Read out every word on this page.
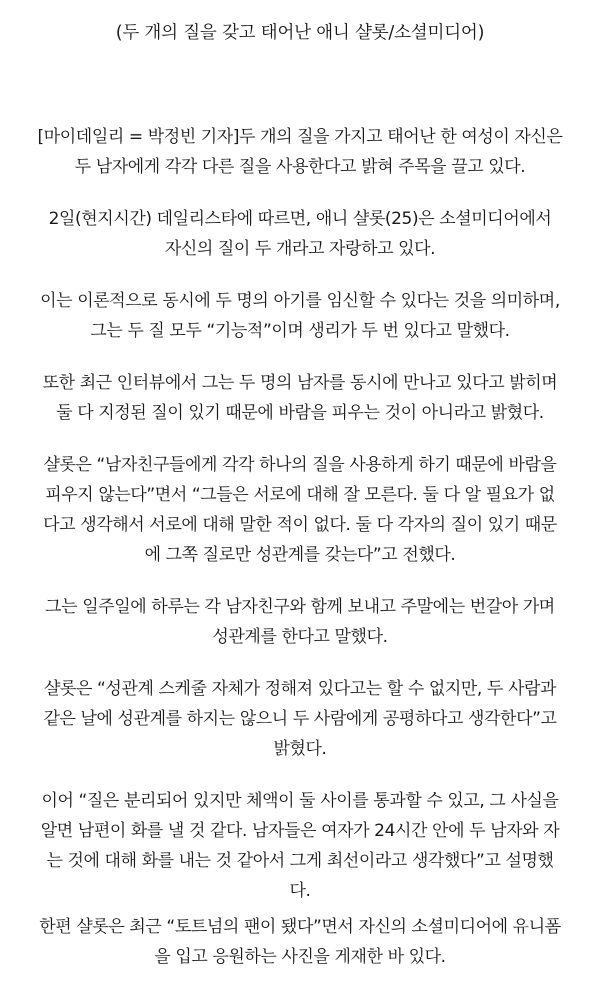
(두 개의 질을 갖고 태어난 애니 샬롯/소셜미디어)
[마이데일리 = 박정빈 기자]두 개의 질을 가지고 태어난 한 여성이 자신은
두 남자에게 각각 다른 질을 사용한다고 밝혀 주목을 끌고 있다.
2일(현지시간) 데일리스타에 따르면, 애니 샬롯(25)은 소셜미디어에서
자신의 질이 두 개라고 자랑하고 있다.
이는 이론적으로 동시에 두 명의 아기를 임신할 수 있다는 것을 의미하며,
그는 두 질 모두 “기능적”이며 생리가 두 번 있다고 말했다.
또한 최근 인터뷰에서 그는 두 명의 남자를 동시에 만나고 있다고 밝히며
둘 다 지정된 질이 있기 때문에 바람을 피우는 것이 아니라고 밝혔다.
샬롯은 “남자친구들에게 각각 하나의 질을 사용하게 하기 때문에 바람을
피우지 않는다”면서 “그들은 서로에 대해 잘 모른다. 둘 다 알 필요가 없
다고 생각해서 서로에 대해 말한 적이 없다. 둘 다 각자의 질이 있기 때문
에 그쪽 질로만 성관계를 갖는다”고 전했다.
그는 일주일에 하루는 각 남자친구와 함께 보내고 주말에는 번갈아 가며
성관계를 한다고 말했다.
샬롯은 “성관계 스케줄 자체가 정해져 있다고는 할 수 없지만, 두 사람과
같은 날에 성관계를 하지는 않으니 두 사람에게 공평하다고 생각한다”고
밝혔다.
이어 “질은 분리되어 있지만 체액이 둘 사이를 통과할 수 있고, 그 사실을
알면 남편이 화를 낼 것 같다. 남자들은 여자가 24시간 안에 두 남자와 자
는 것에 대해 화를 내는 것 같아서 그게 최선이라고 생각했다”고 설명했
다.
한편 샬롯은 최근 “토트넘의 팬이 됐다”면서 자신의 소셜미디어에 유니폼
을 입고 응원하는 사진을 게재한 바 있다.
